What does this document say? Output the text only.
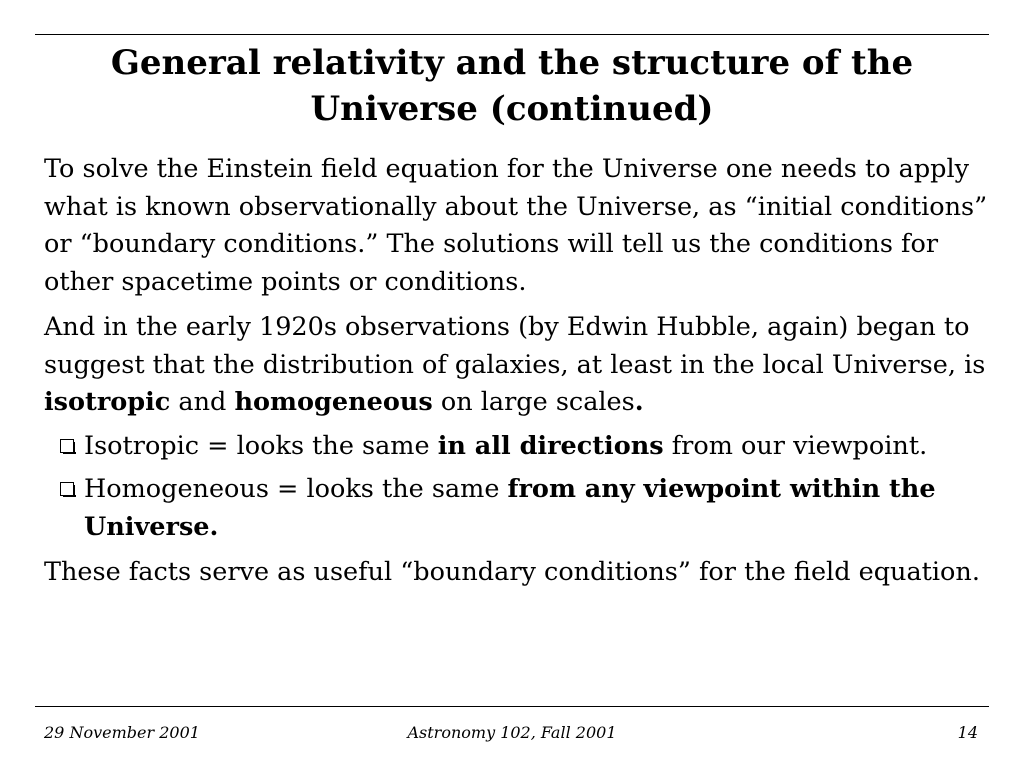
General relativity and the structure of the Universe (continued)

To solve the Einstein field equation for the Universe one needs to apply what is known observationally about the Universe, as “initial conditions” or “boundary conditions.” The solutions will tell us the conditions for other spacetime points or conditions.

And in the early 1920s observations (by Edwin Hubble, again) began to suggest that the distribution of galaxies, at least in the local Universe, is isotropic and homogeneous on large scales.

Isotropic = looks the same in all directions from our viewpoint.
Homogeneous = looks the same from any viewpoint within the Universe.

These facts serve as useful “boundary conditions” for the field equation.

29 November 2001	Astronomy 102, Fall 2001	14
